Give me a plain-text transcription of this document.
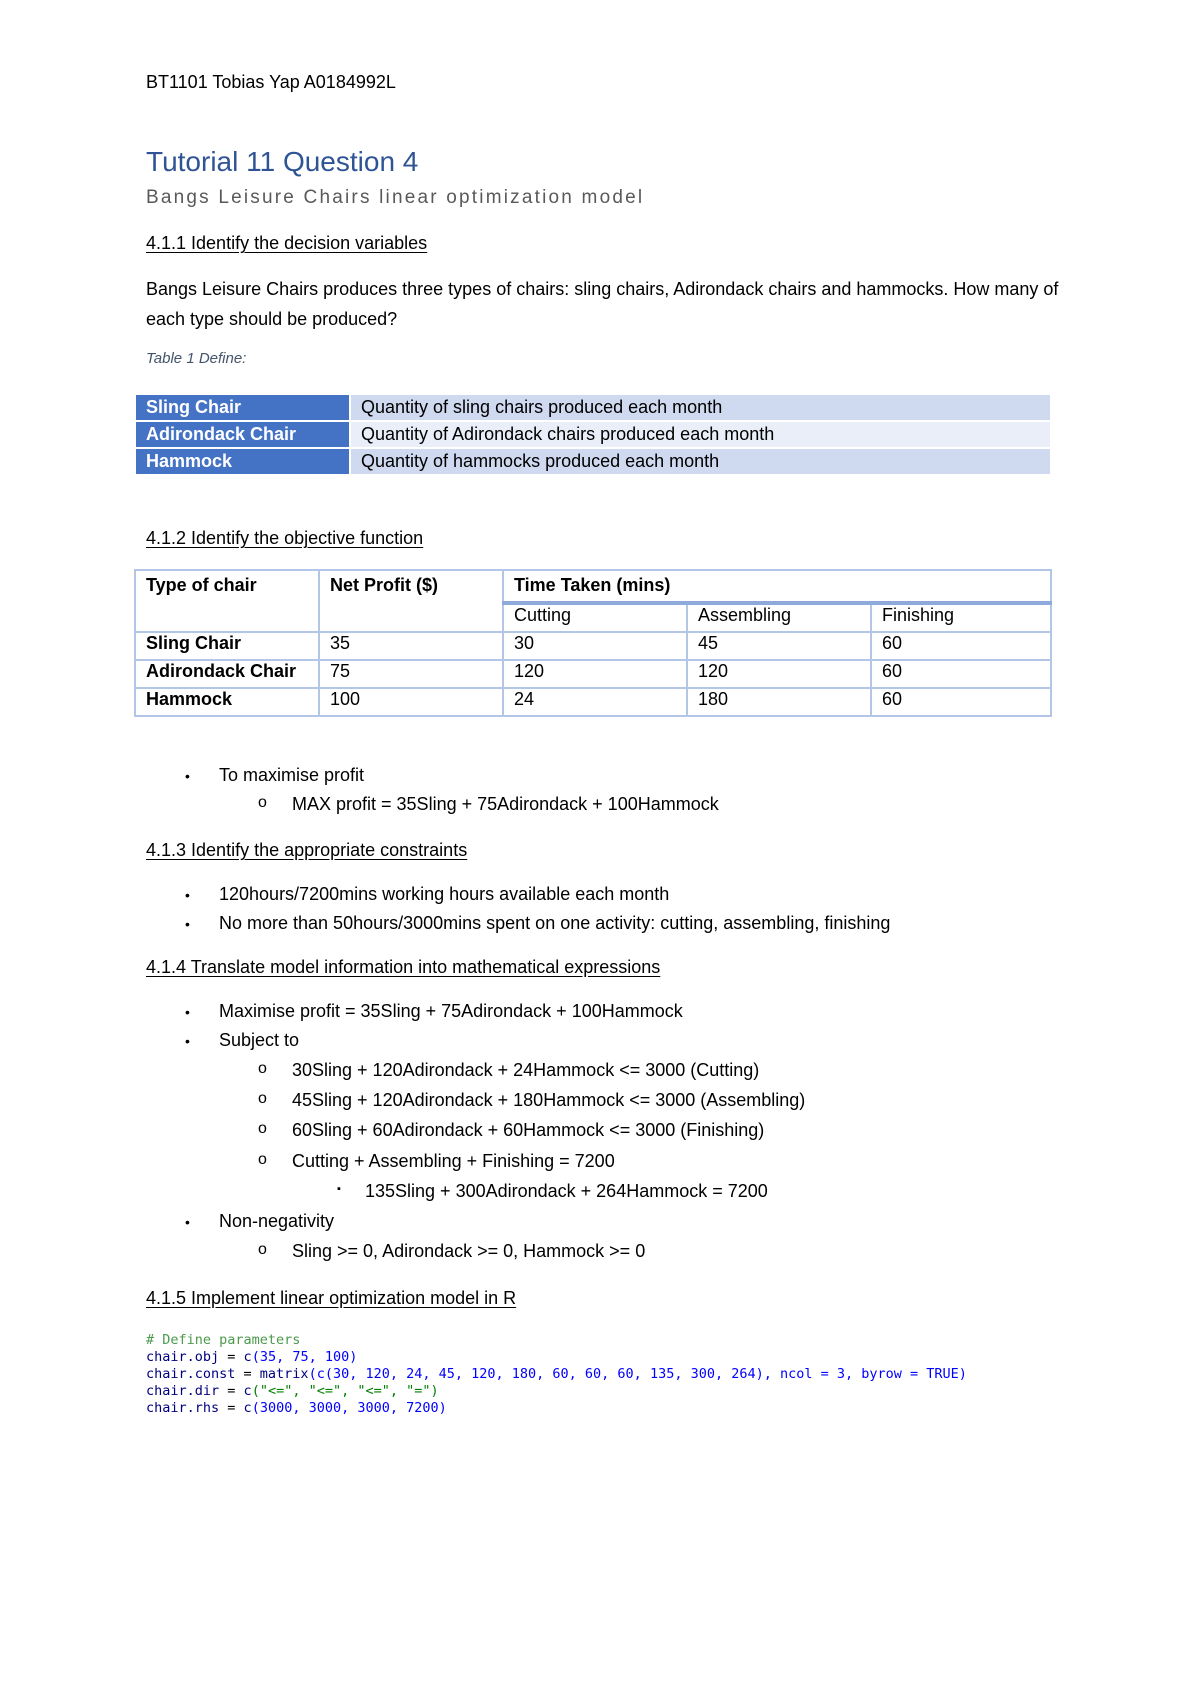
BT1101 Tobias Yap A0184992L
Tutorial 11 Question 4
Bangs Leisure Chairs linear optimization model
4.1.1 Identify the decision variables
Bangs Leisure Chairs produces three types of chairs: sling chairs, Adirondack chairs and hammocks. How many of each type should be produced?
Table 1 Define:
Sling Chair	Quantity of sling chairs produced each month
Adirondack Chair	Quantity of Adirondack chairs produced each month
Hammock	Quantity of hammocks produced each month
4.1.2 Identify the objective function
Type of chair	Net Profit ($)	Time Taken (mins)		
		Cutting	Assembling	Finishing
Sling Chair	35	30	45	60
Adirondack Chair	75	120	120	60
Hammock	100	24	180	60
• To maximise profit
o MAX profit = 35Sling + 75Adirondack + 100Hammock
4.1.3 Identify the appropriate constraints
• 120hours/7200mins working hours available each month
• No more than 50hours/3000mins spent on one activity: cutting, assembling, finishing
4.1.4 Translate model information into mathematical expressions
• Maximise profit = 35Sling + 75Adirondack + 100Hammock
• Subject to
o 30Sling + 120Adirondack + 24Hammock <= 3000 (Cutting)
o 45Sling + 120Adirondack + 180Hammock <= 3000 (Assembling)
o 60Sling + 60Adirondack + 60Hammock <= 3000 (Finishing)
o Cutting + Assembling + Finishing = 7200
▪ 135Sling + 300Adirondack + 264Hammock = 7200
• Non-negativity
o Sling >= 0, Adirondack >= 0, Hammock >= 0
4.1.5 Implement linear optimization model in R
# Define parameters
chair.obj = c(35, 75, 100)
chair.const = matrix(c(30, 120, 24, 45, 120, 180, 60, 60, 60, 135, 300, 264), ncol = 3, byrow = TRUE)
chair.dir = c("<=", "<=", "<=", "=")
chair.rhs = c(3000, 3000, 3000, 7200)
